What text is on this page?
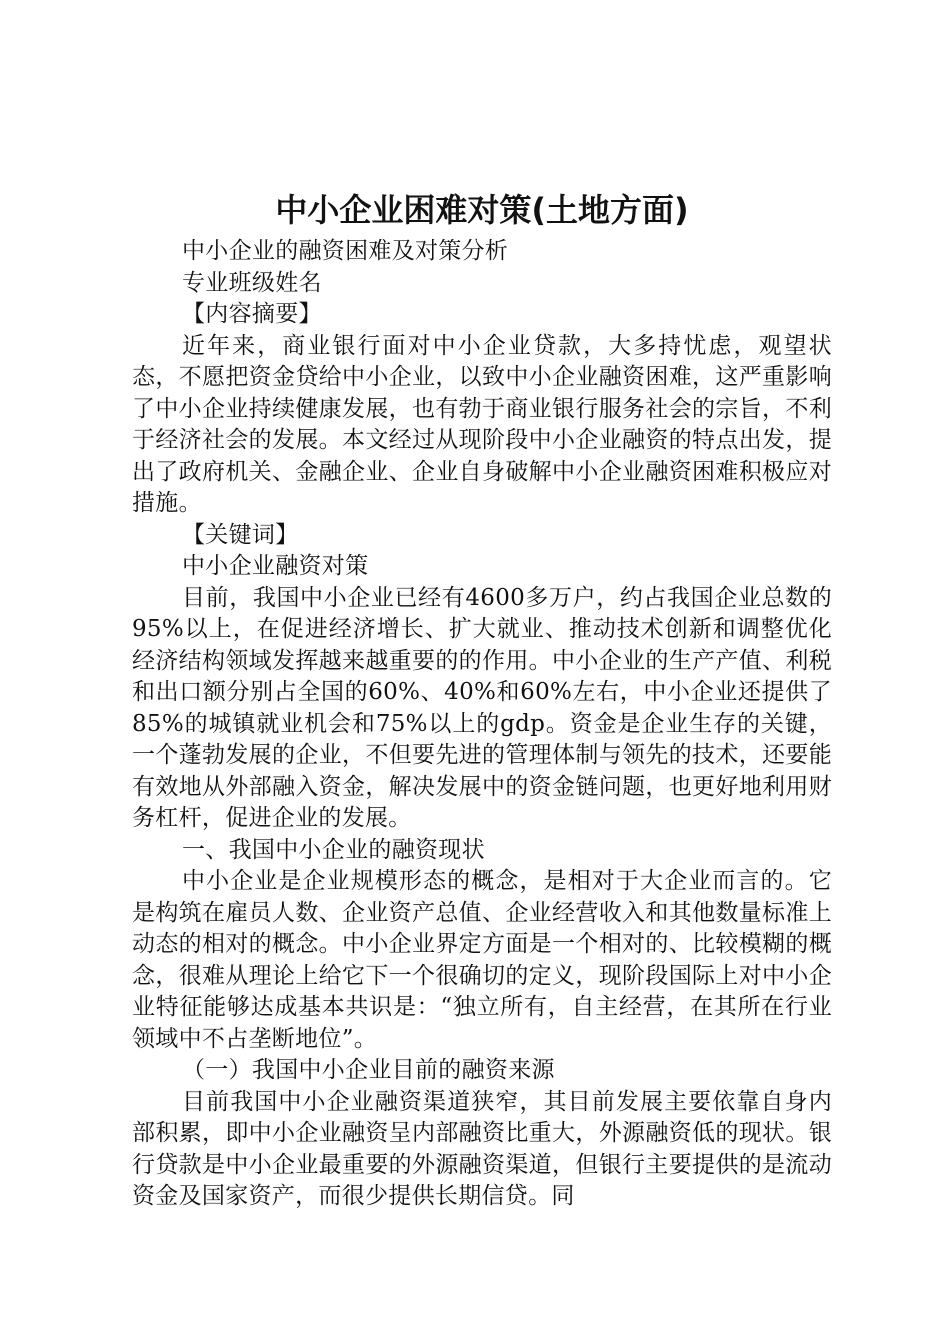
中小企业困难对策(土地方面)

中小企业的融资困难及对策分析

专业班级姓名

【内容摘要】

近年来，商业银行面对中小企业贷款，大多持忧虑，观望状态，不愿把资金贷给中小企业，以致中小企业融资困难，这严重影响了中小企业持续健康发展，也有勃于商业银行服务社会的宗旨，不利于经济社会的发展。本文经过从现阶段中小企业融资的特点出发，提出了政府机关、金融企业、企业自身破解中小企业融资困难积极应对措施。

【关键词】

中小企业融资对策

目前，我国中小企业已经有4600多万户，约占我国企业总数的95%以上，在促进经济增长、扩大就业、推动技术创新和调整优化经济结构领域发挥越来越重要的的作用。中小企业的生产产值、利税和出口额分别占全国的60%、40%和60%左右，中小企业还提供了85%的城镇就业机会和75%以上的gdp。资金是企业生存的关键，一个蓬勃发展的企业，不但要先进的管理体制与领先的技术，还要能有效地从外部融入资金，解决发展中的资金链问题，也更好地利用财务杠杆，促进企业的发展。

一、我国中小企业的融资现状

中小企业是企业规模形态的概念，是相对于大企业而言的。它是构筑在雇员人数、企业资产总值、企业经营收入和其他数量标准上动态的相对的概念。中小企业界定方面是一个相对的、比较模糊的概念，很难从理论上给它下一个很确切的定义，现阶段国际上对中小企业特征能够达成基本共识是：“独立所有，自主经营，在其所在行业领域中不占垄断地位”。

（一）我国中小企业目前的融资来源

目前我国中小企业融资渠道狭窄，其目前发展主要依靠自身内部积累，即中小企业融资呈内部融资比重大，外源融资低的现状。银行贷款是中小企业最重要的外源融资渠道，但银行主要提供的是流动资金及国家资产，而很少提供长期信贷。同
